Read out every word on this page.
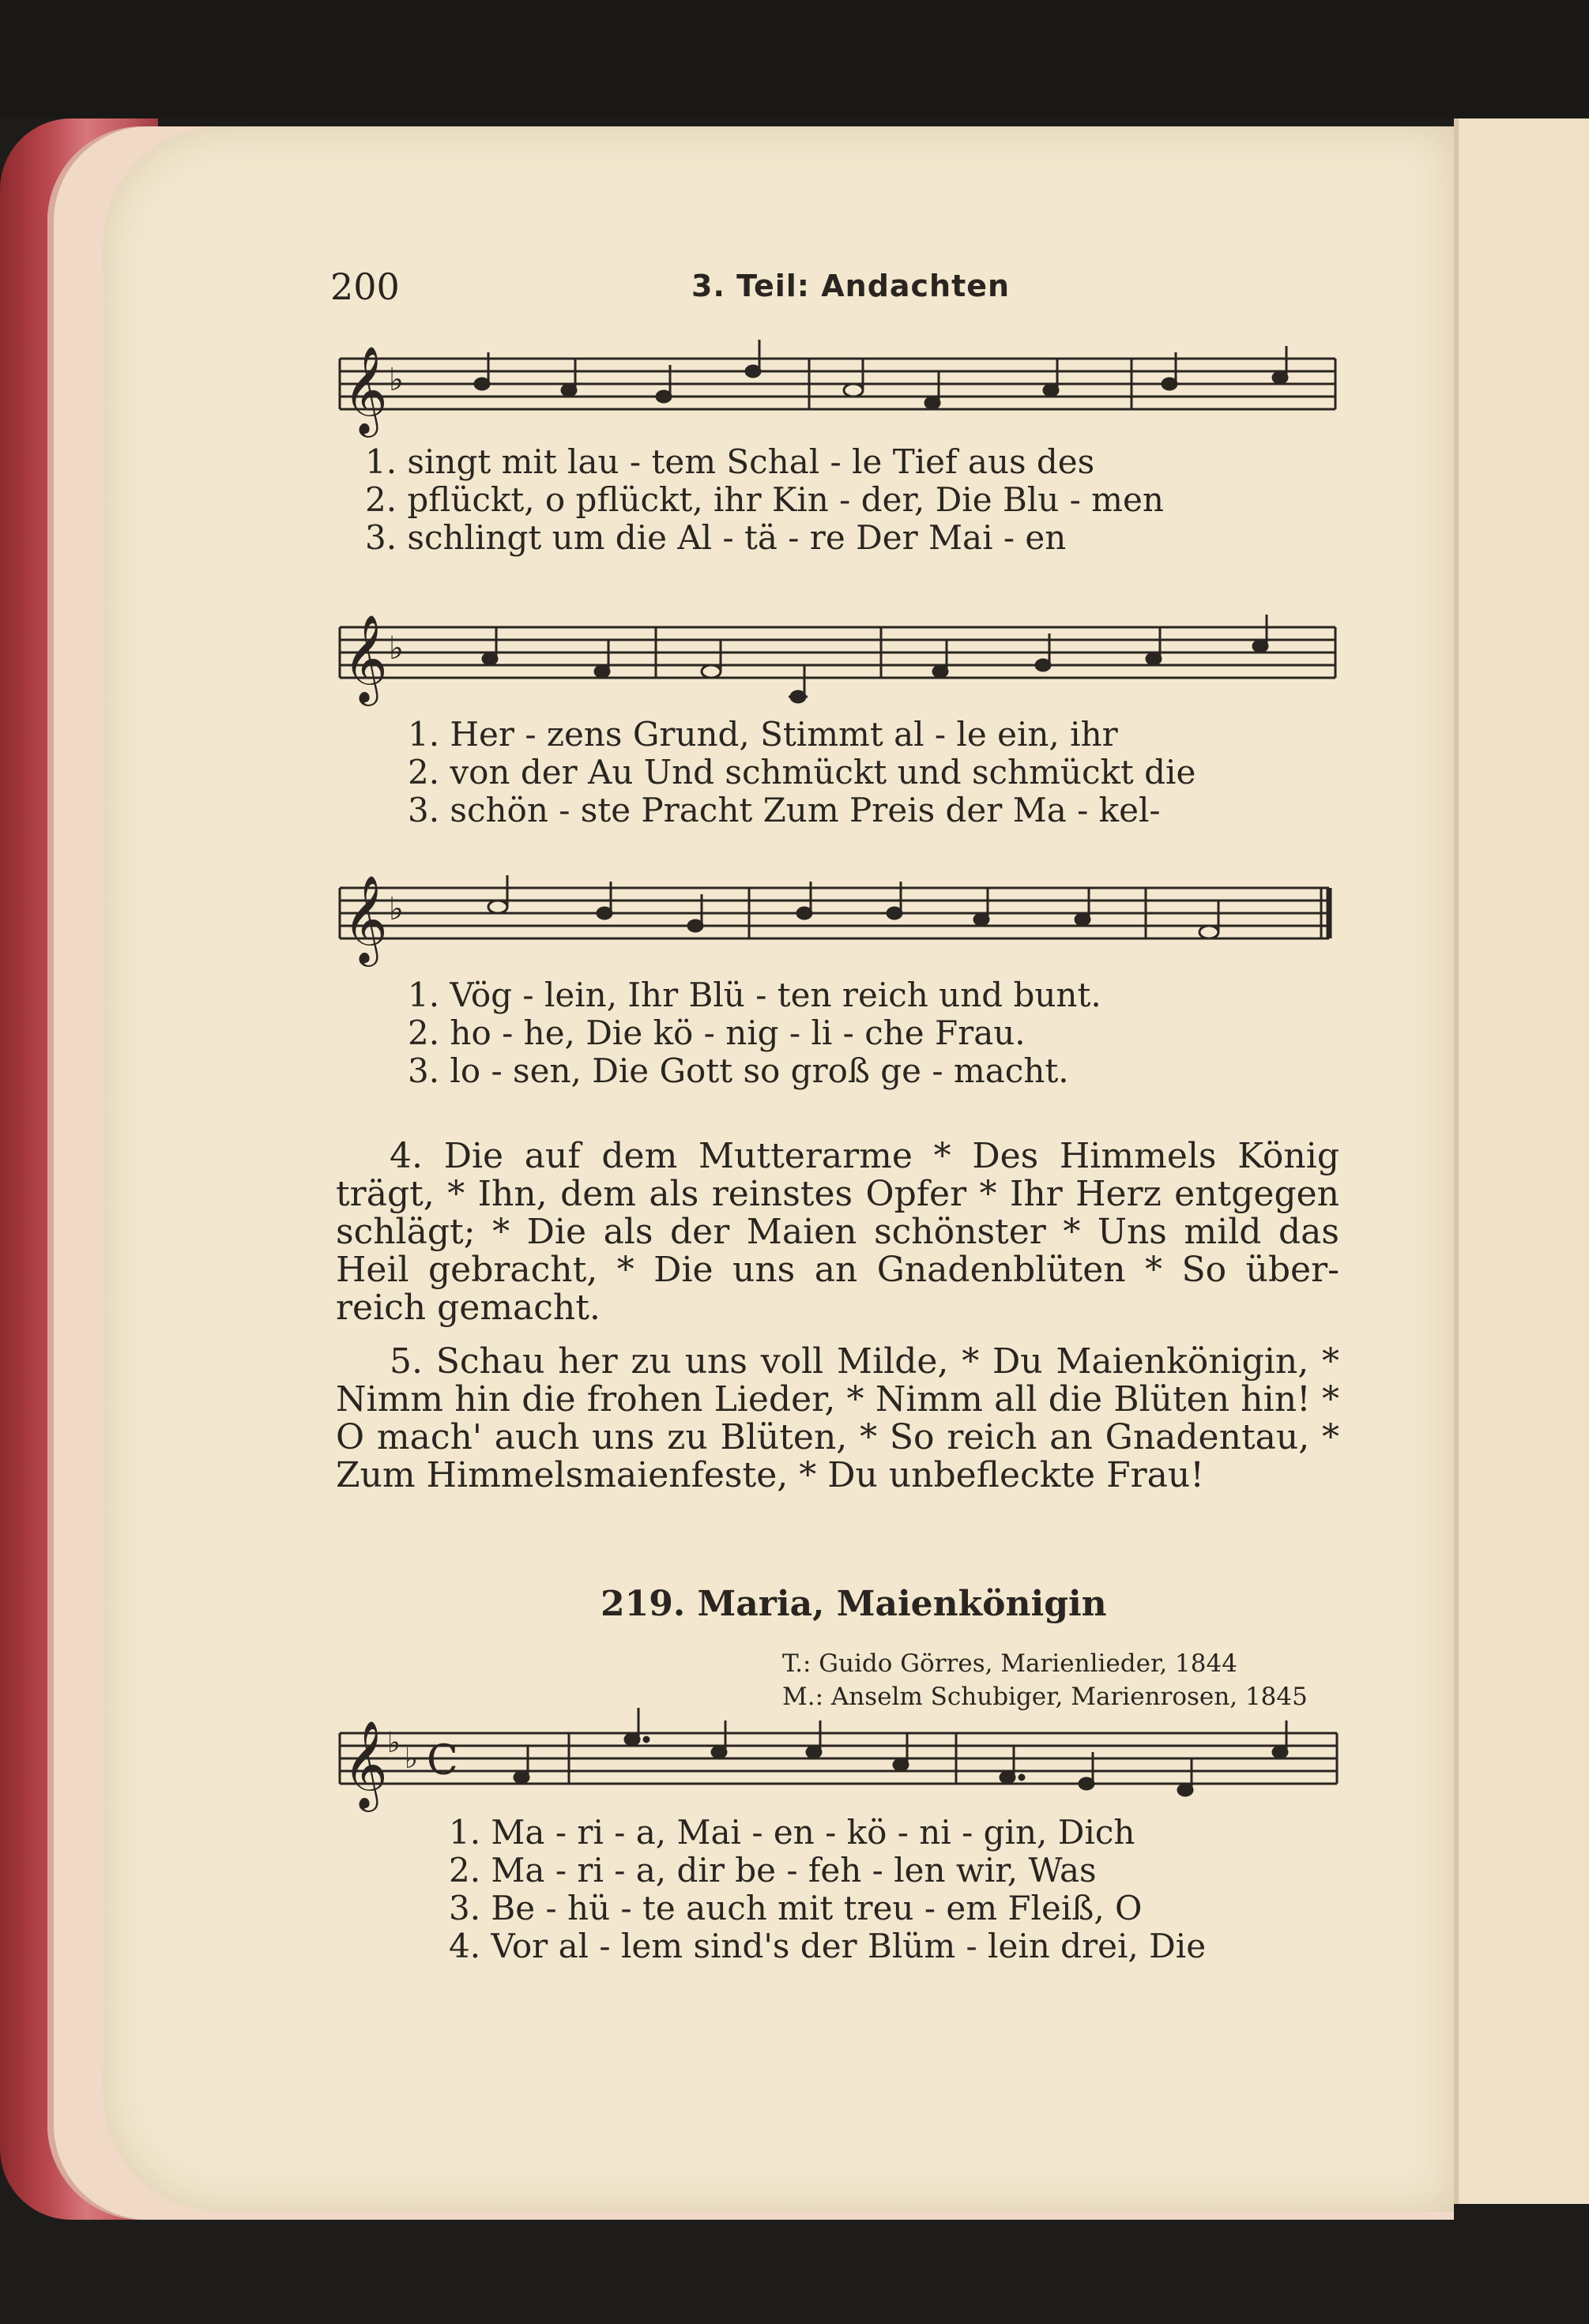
200	3. Teil: Andachten
𝄞 ♭
1. singt mit lau - tem Schal - le Tief aus des
2. pflückt, o pflückt, ihr Kin - der, Die Blu - men
3. schlingt um die Al - tä - re Der Mai - en
𝄞 ♭
1. Her - zens Grund, Stimmt al - le ein, ihr
2. von der Au Und schmückt und schmückt die
3. schön - ste Pracht Zum Preis der Ma - kel-
𝄞 ♭
1. Vög - lein, Ihr Blü - ten reich und bunt.
2. ho - he, Die kö - nig - li - che Frau.
3. lo - sen, Die Gott so groß ge - macht.

4. Die auf dem Mutterarme * Des Himmels König trägt, * Ihn, dem als reinstes Opfer * Ihr Herz entgegen schlägt; * Die als der Maien schönster * Uns mild das Heil gebracht, * Die uns an Gnadenblüten * So über-reich gemacht.

5. Schau her zu uns voll Milde, * Du Maienkönigin, * Nimm hin die frohen Lieder, * Nimm all die Blüten hin! * O mach' auch uns zu Blüten, * So reich an Gnadentau, * Zum Himmelsmaienfeste, * Du unbefleckte Frau!

219. Maria, Maienkönigin
T.: Guido Görres, Marienlieder, 1844
M.: Anselm Schubiger, Marienrosen, 1845
𝄞 ♭ ♭ C
1. Ma - ri - a, Mai - en - kö - ni - gin, Dich
2. Ma - ri - a, dir be - feh - len wir, Was
3. Be - hü - te auch mit treu - em Fleiß, O
4. Vor al - lem sind's der Blüm - lein drei, Die
